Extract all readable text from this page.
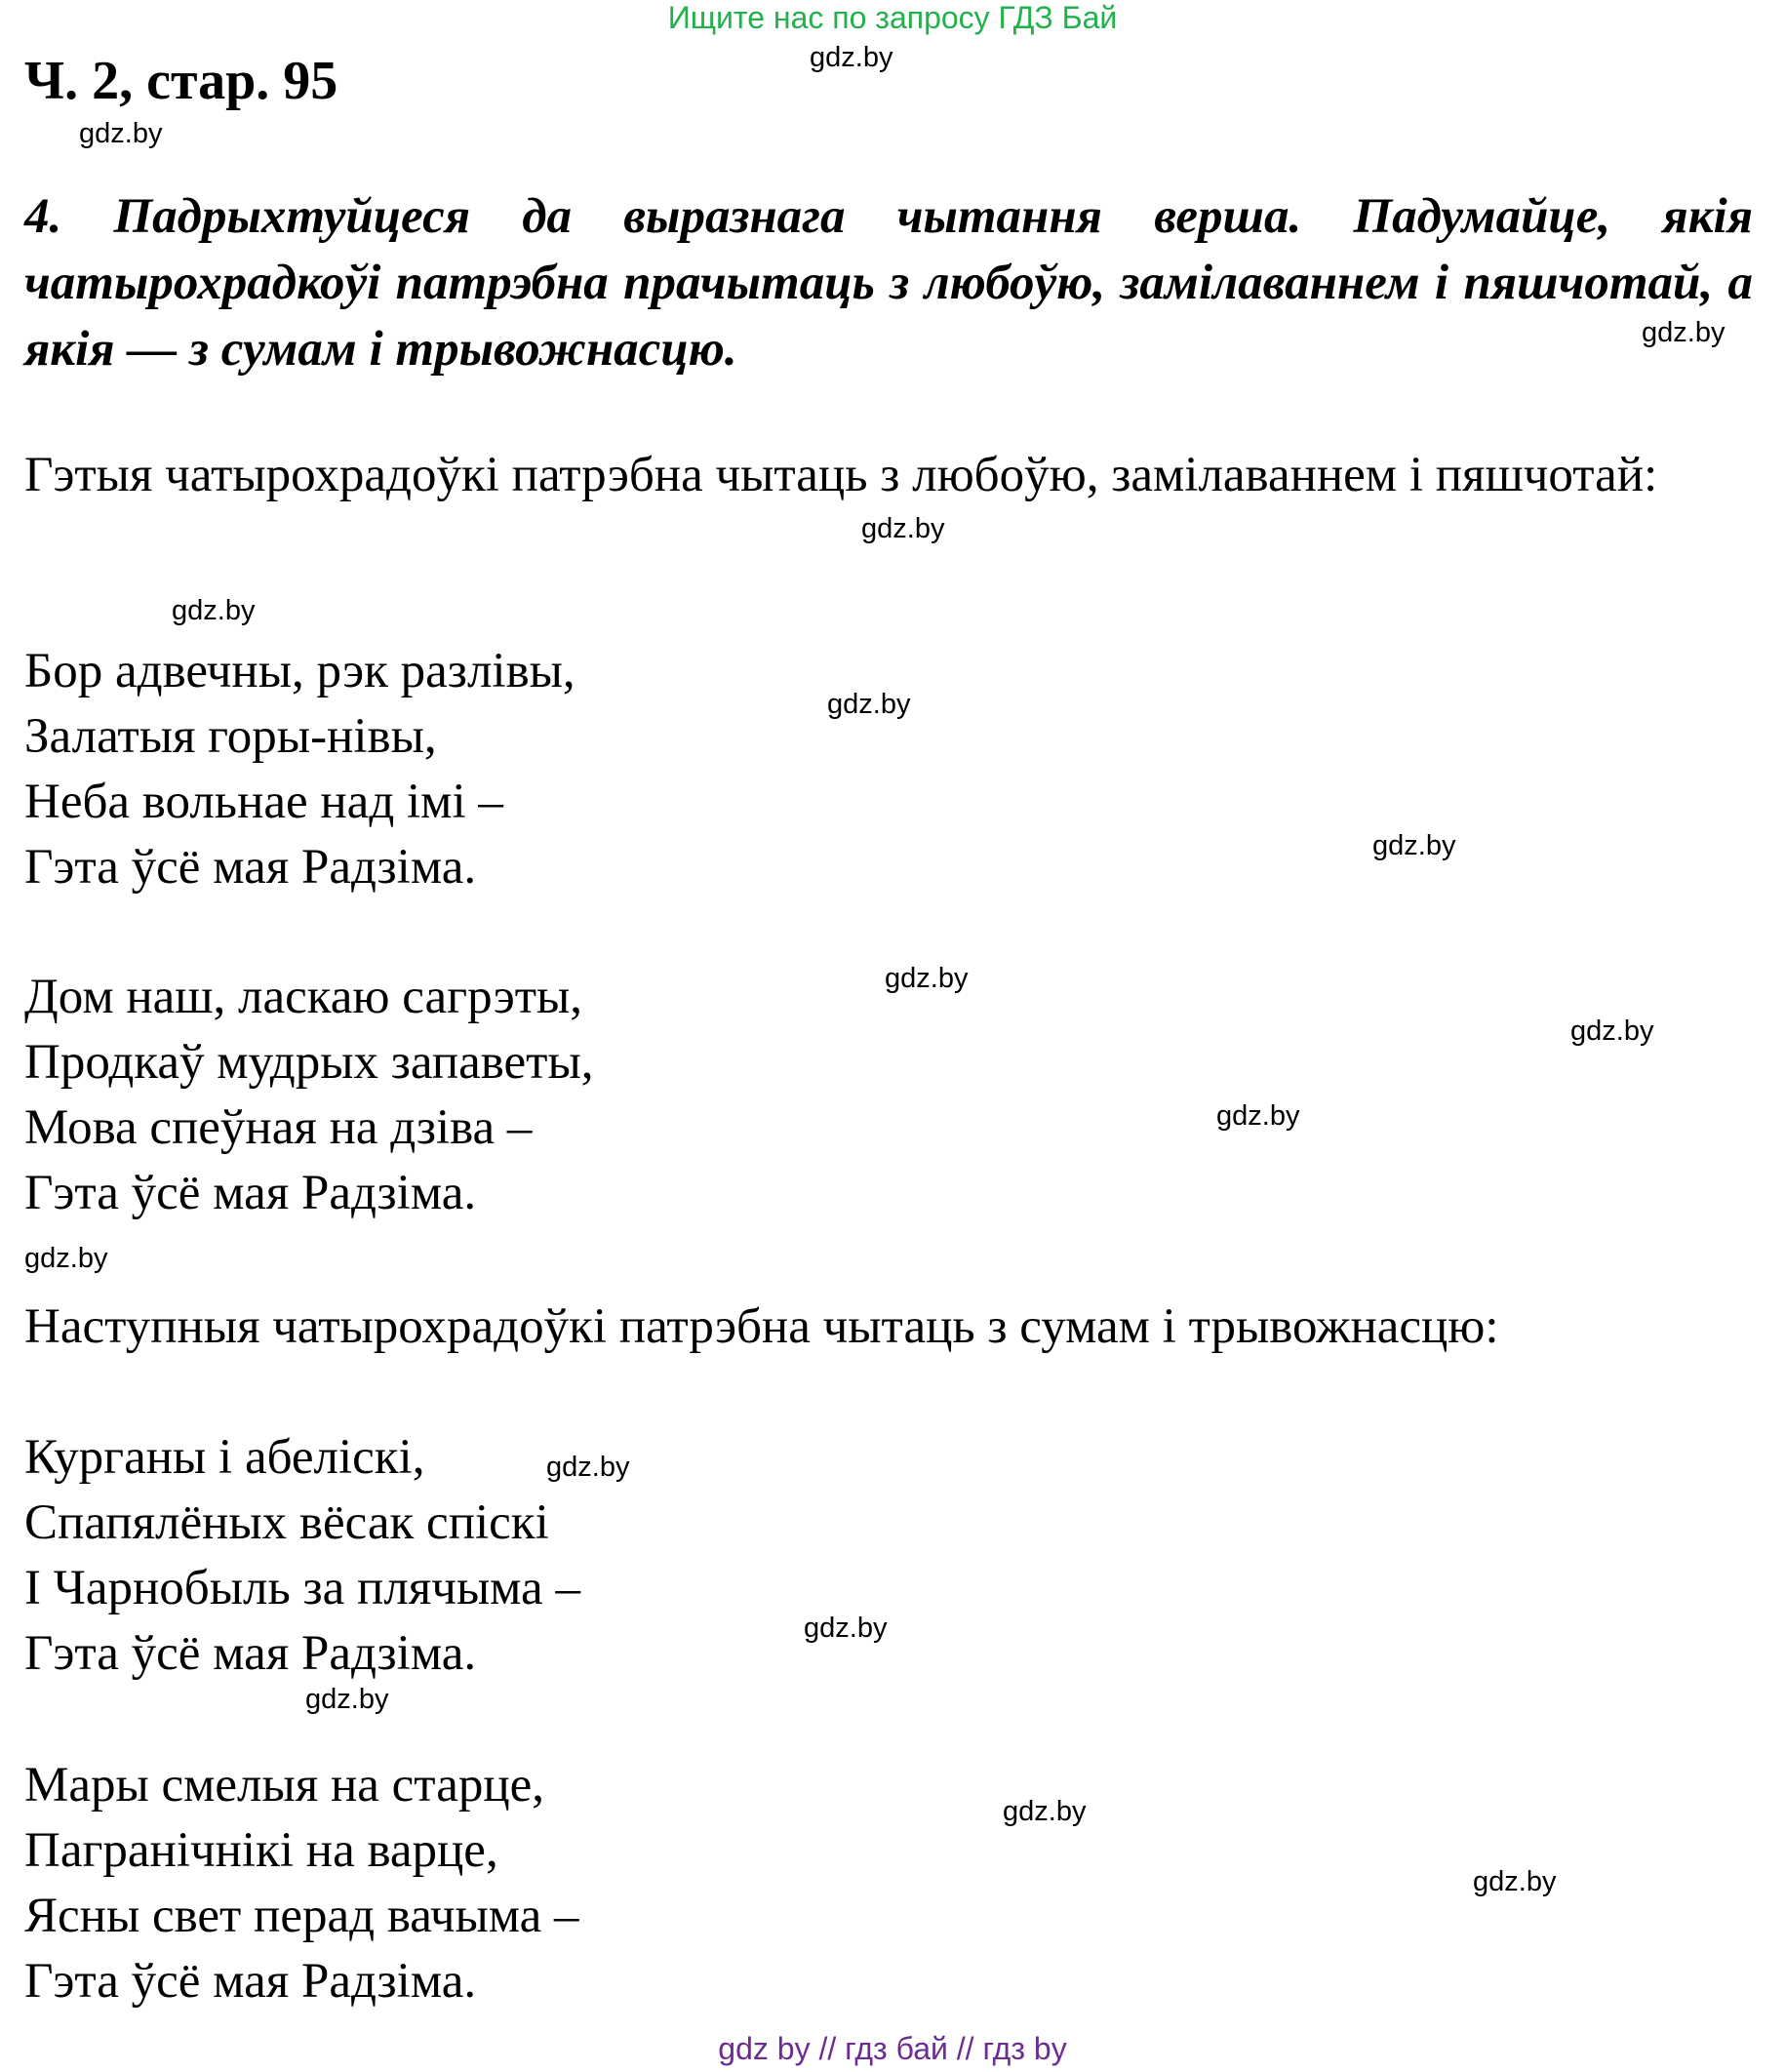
Ищите нас по запросу ГДЗ Бай
Ч. 2, стар. 95
4. Падрыхтуйцеся да выразнага чытання верша. Падумайце, якія чатырохрадкоўі патрэбна прачытаць з любоўю, замілаваннем і пяшчотай, а якія — з сумам і трывожнасцю.
Гэтыя чатырохрадоўкі патрэбна чытаць з любоўю, замілаваннем і пяшчотай:
Бор адвечны, рэк разлівы,
Залатыя горы-нівы,
Неба вольнае над імі –
Гэта ўсё мая Радзіма.
Дом наш, ласкаю сагрэты,
Продкаў мудрых запаветы,
Мова спеўная на дзіва –
Гэта ўсё мая Радзіма.
Наступныя чатырохрадоўкі патрэбна чытаць з сумам і трывожнасцю:
Курганы і абеліскі,
Спапялёных вёсак спіскі
І Чарнобыль за плячыма –
Гэта ўсё мая Радзіма.
Мары смелыя на старце,
Пагранічнікі на варце,
Ясны свет перад вачыма –
Гэта ўсё мая Радзіма.
gdz.by
gdz.by
gdz.by
gdz.by
gdz.by
gdz.by
gdz.by
gdz.by
gdz.by
gdz.by
gdz.by
gdz.by
gdz.by
gdz.by
gdz.by
gdz.by
gdz by // гдз бай // гдз by
